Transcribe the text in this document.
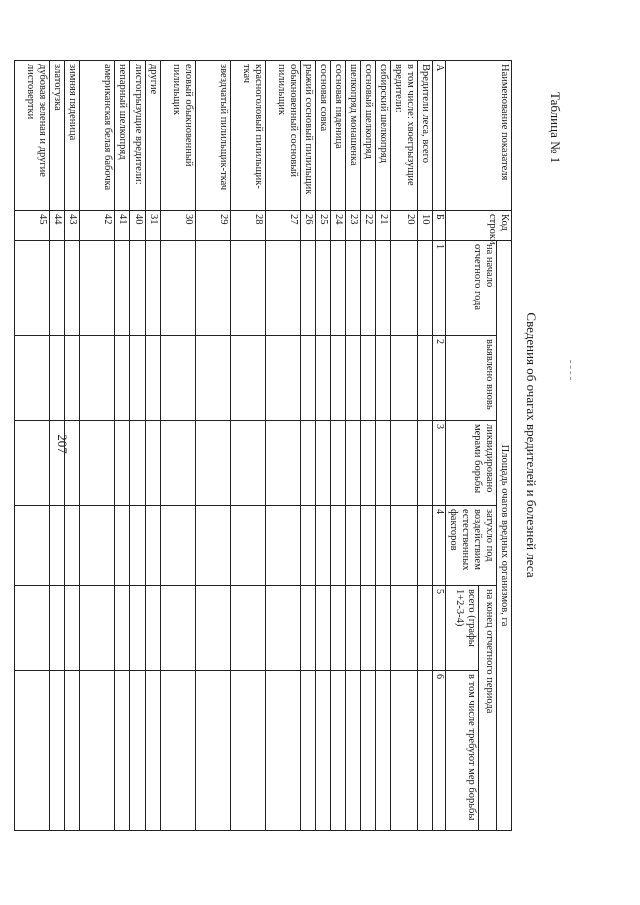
207
Таблица № 1
Сведения об очагах вредителей и болезней леса
Наименование показателя	Код строки	Площадь очагов вредных организмов, га					
		на начало отчетного года	выявлено вновь	ликвидировано мерами борьбы	затухло под воздействием естественных факторов	на конец отчетного периода	
						всего (графы 1+2-3-4)	в том числе требуют мер борьбы
А	Б	1	2	3	4	5	6
Вредители леса, всего	10						
в том числе: хвоегрызущие вредители:	20						
сибирский шелкопряд	21						
сосновый шелкопряд	22						
шелкопряд монашенка	23						
сосновая пяденица	24						
сосновая совка	25						
рыжий сосновый пилильщик	26						
обыкновенный сосновый пилильщик	27						
красноголовый пилильщик-ткач	28						
звездчатый пилильщик-ткач	29						
еловый обыкновенный пилильщик	30						
другие	31						
листогрызущие вредители:	40						
непарный шелкопряд	41						
американская белая бабочка	42						
зимняя пяденица	43						
златогузка	44						
дубовая зеленая и другие листовертки	45						
